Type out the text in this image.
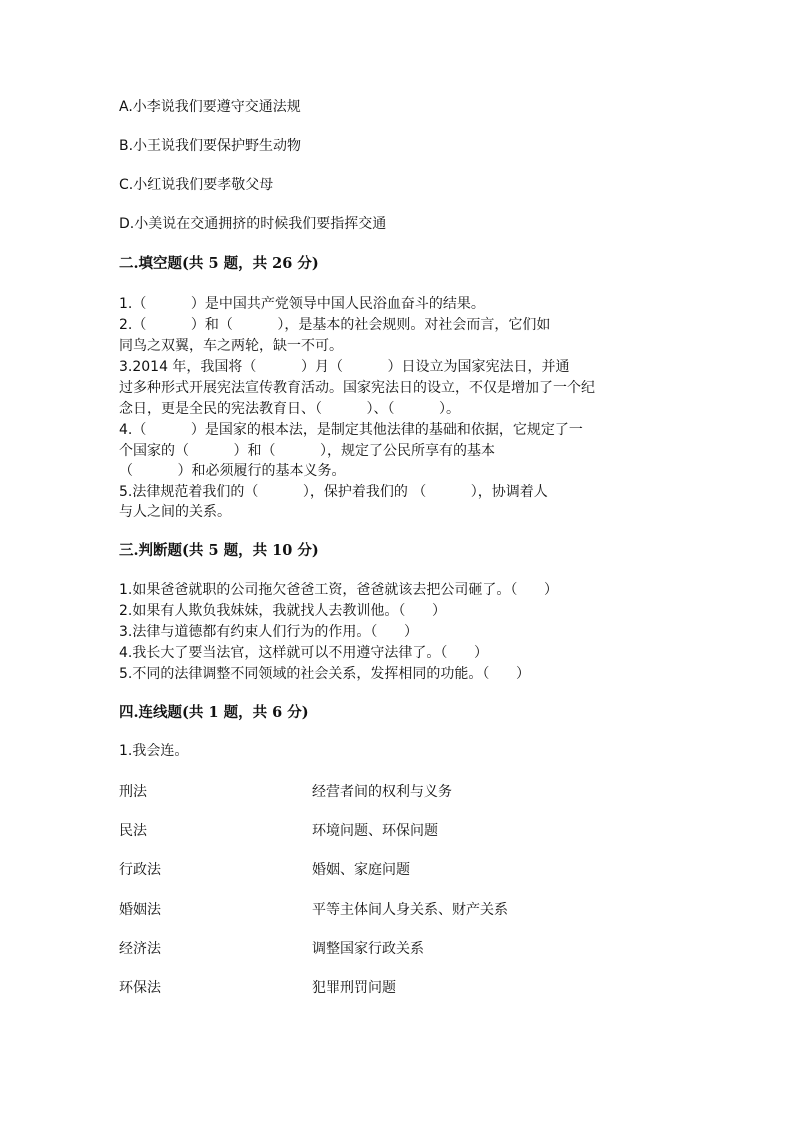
A.小李说我们要遵守交通法规
B.小王说我们要保护野生动物
C.小红说我们要孝敬父母
D.小美说在交通拥挤的时候我们要指挥交通
二.填空题(共 5 题，共 26 分)
1.（          ）是中国共产党领导中国人民浴血奋斗的结果。
2.（          ）和（          ），是基本的社会规则。对社会而言，它们如
同鸟之双翼，车之两轮，缺一不可。
3.2014 年，我国将（          ）月（          ）日设立为国家宪法日，并通
过多种形式开展宪法宣传教育活动。国家宪法日的设立，不仅是增加了一个纪
念日，更是全民的宪法教育日、（          ）、（          ）。
4.（          ）是国家的根本法，是制定其他法律的基础和依据，它规定了一
个国家的（          ）和（          ），规定了公民所享有的基本
（          ）和必须履行的基本义务。
5.法律规范着我们的（          ），保护着我们的 （          ），协调着人
与人之间的关系。
三.判断题(共 5 题，共 10 分)
1.如果爸爸就职的公司拖欠爸爸工资，爸爸就该去把公司砸了。（      ）
2.如果有人欺负我妹妹，我就找人去教训他。（      ）
3.法律与道德都有约束人们行为的作用。（      ）
4.我长大了要当法官，这样就可以不用遵守法律了。（      ）
5.不同的法律调整不同领域的社会关系，发挥相同的功能。（      ）
四.连线题(共 1 题，共 6 分)
1.我会连。
刑法	经营者间的权利与义务
民法	环境问题、环保问题
行政法	婚姻、家庭问题
婚姻法	平等主体间人身关系、财产关系
经济法	调整国家行政关系
环保法	犯罪刑罚问题
